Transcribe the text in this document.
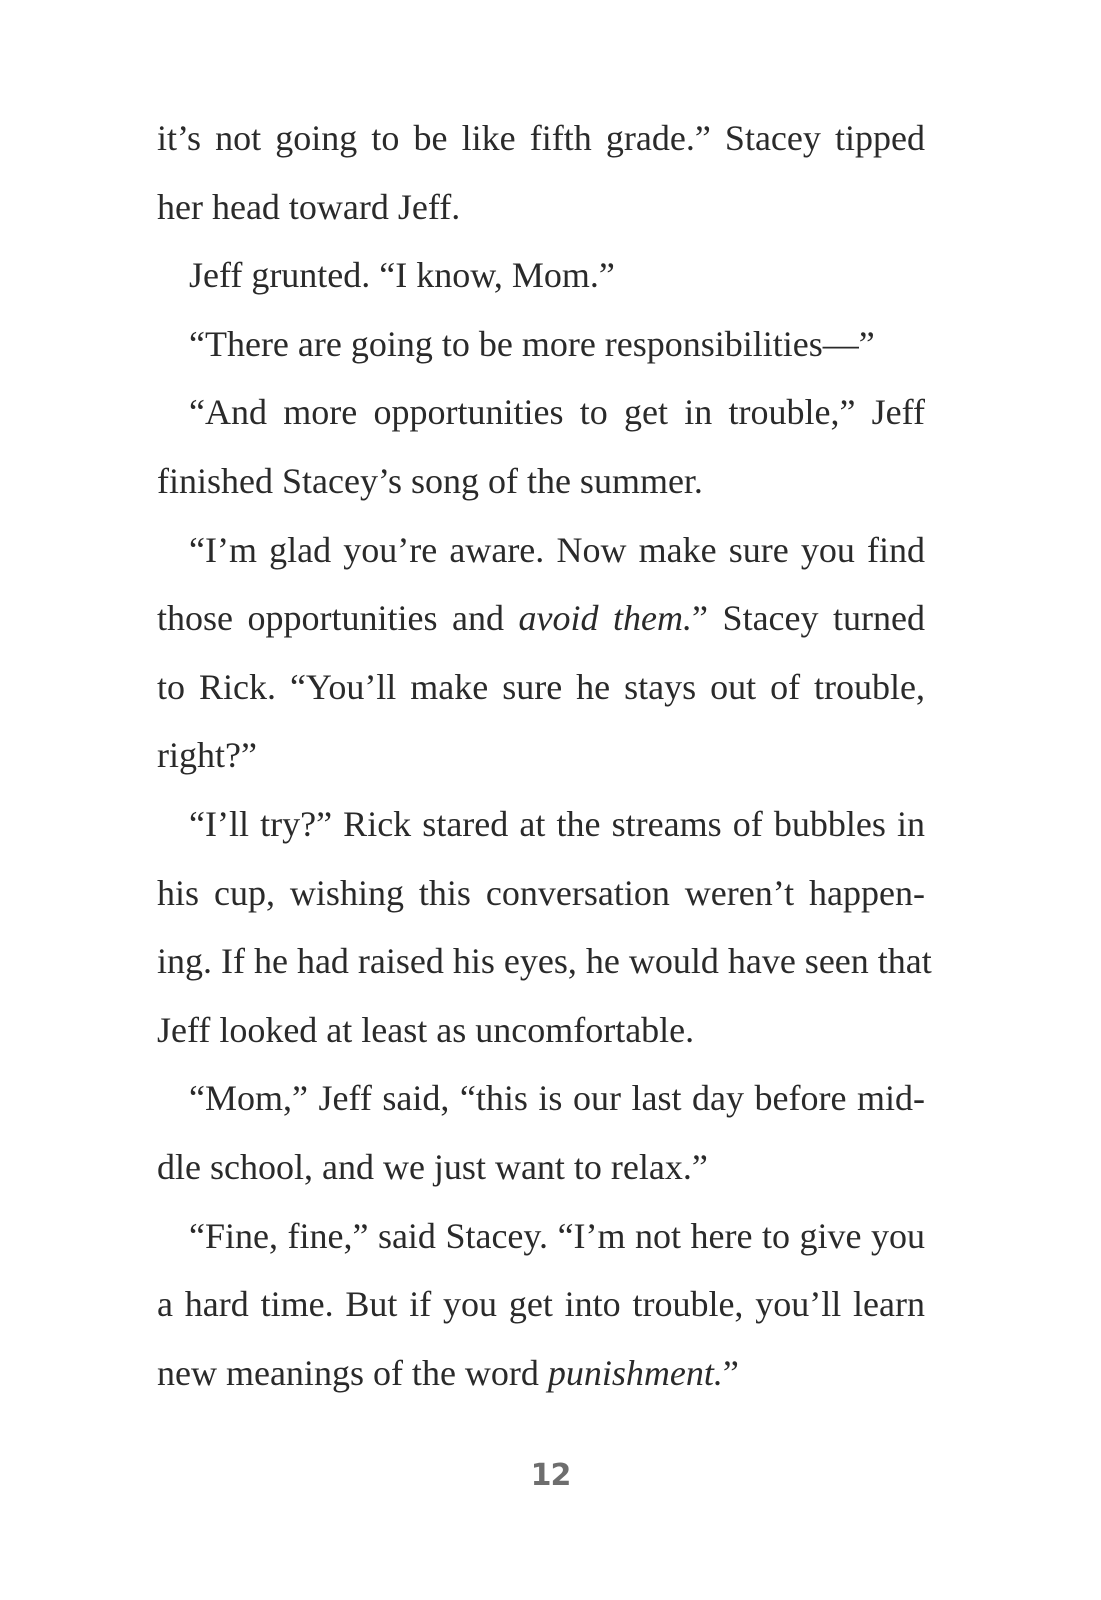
it’s not going to be like fifth grade.” Stacey tipped
her head toward Jeff.
Jeff grunted. “I know, Mom.”
“There are going to be more responsibilities—”
“And more opportunities to get in trouble,” Jeff
finished Stacey’s song of the summer.
“I’m glad you’re aware. Now make sure you find
those opportunities and avoid them.” Stacey turned
to Rick. “You’ll make sure he stays out of trouble,
right?”
“I’ll try?” Rick stared at the streams of bubbles in
his cup, wishing this conversation weren’t happen-
ing. If he had raised his eyes, he would have seen that
Jeff looked at least as uncomfortable.
“Mom,” Jeff said, “this is our last day before mid-
dle school, and we just want to relax.”
“Fine, fine,” said Stacey. “I’m not here to give you
a hard time. But if you get into trouble, you’ll learn
new meanings of the word punishment.”
12
